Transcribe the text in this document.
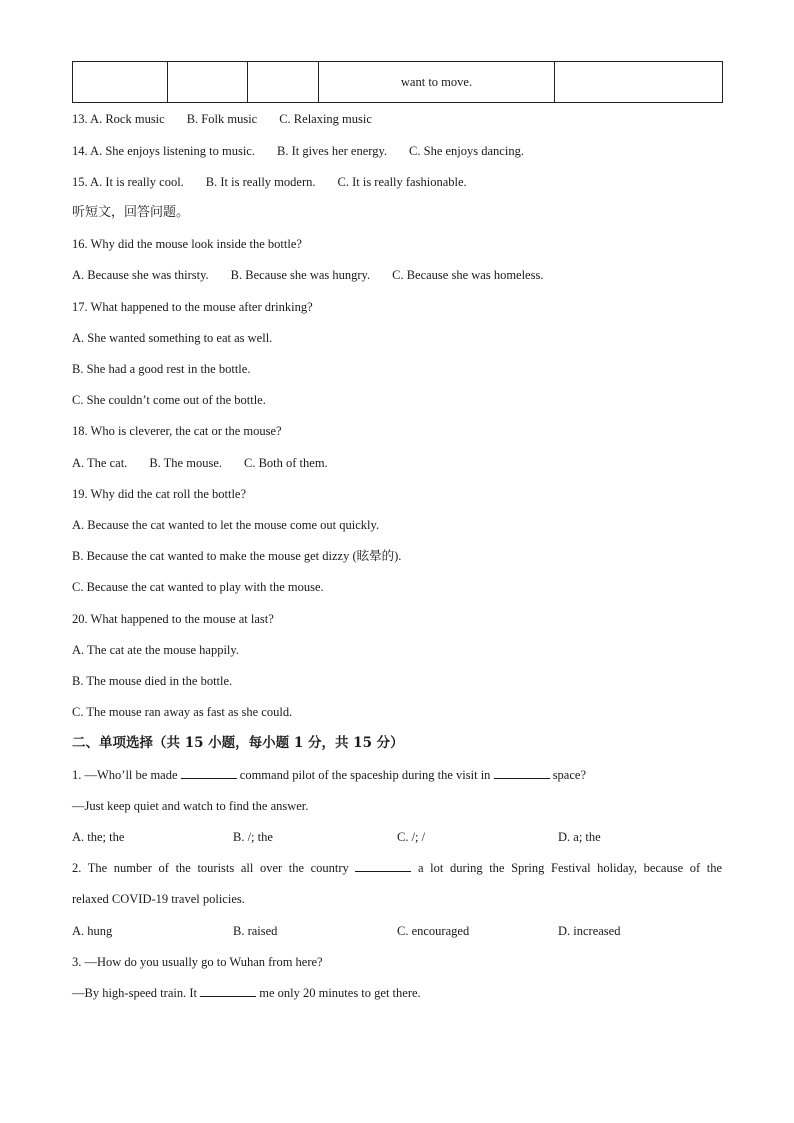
			want to move.	
13. A. Rock music B. Folk music C. Relaxing music
14. A. She enjoys listening to music. B. It gives her energy. C. She enjoys dancing.
15. A. It is really cool. B. It is really modern. C. It is really fashionable.
听短文，回答问题。
16. Why did the mouse look inside the bottle?
A. Because she was thirsty. B. Because she was hungry. C. Because she was homeless.
17. What happened to the mouse after drinking?
A. She wanted something to eat as well.
B. She had a good rest in the bottle.
C. She couldn’t come out of the bottle.
18. Who is cleverer, the cat or the mouse?
A. The cat. B. The mouse. C. Both of them.
19. Why did the cat roll the bottle?
A. Because the cat wanted to let the mouse come out quickly.
B. Because the cat wanted to make the mouse get dizzy (眩晕的).
C. Because the cat wanted to play with the mouse.
20. What happened to the mouse at last?
A. The cat ate the mouse happily.
B. The mouse died in the bottle.
C. The mouse ran away as fast as she could.
二、单项选择（共 15 小题，每小题 1 分，共 15 分）
1. —Who’ll be made	command pilot of the spaceship during the visit in	space?
—Just keep quiet and watch to find the answer.
A. the; the	B. /; the	C. /; /	D. a; the
2. The number of the tourists all over the country	a lot during the Spring Festival holiday, because of the
relaxed COVID-19 travel policies.
A. hung	B. raised	C. encouraged	D. increased
3. —How do you usually go to Wuhan from here?
—By high-speed train. It	me only 20 minutes to get there.
